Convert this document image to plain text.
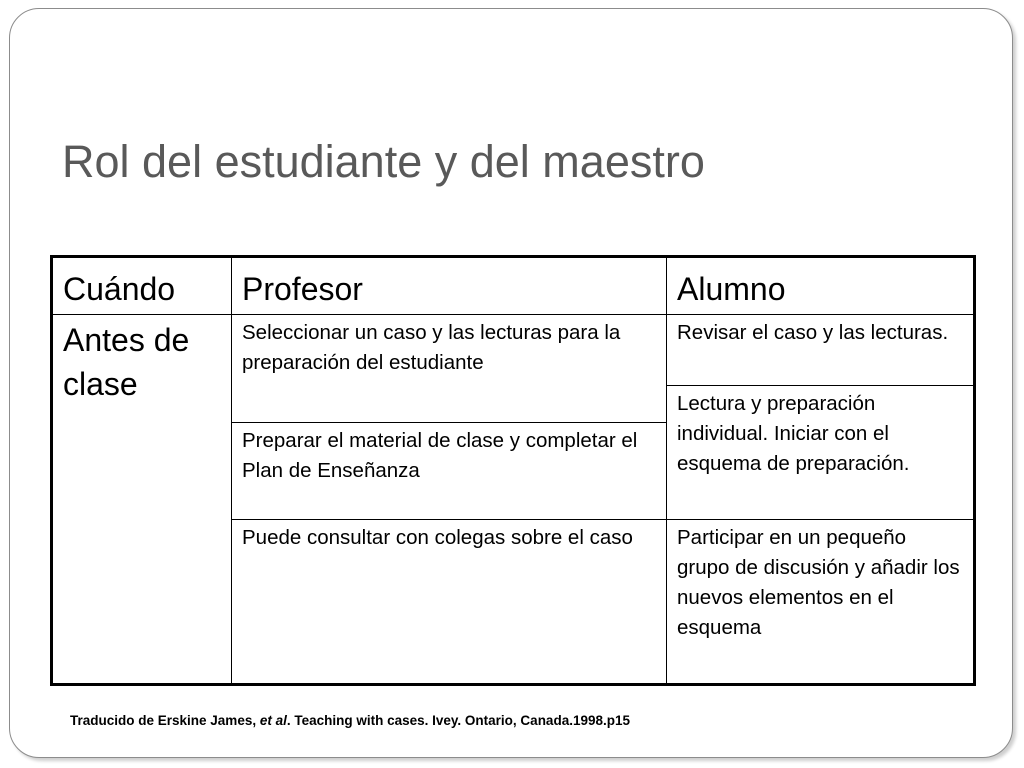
Rol del estudiante y del maestro
Cuándo	Profesor	Alumno
Antes de clase	Seleccionar un caso y las lecturas para la preparación del estudiante	Revisar el caso y las lecturas.
		Lectura y preparación individual. Iniciar con el esquema de preparación.
	Preparar el material de clase y completar el Plan de Enseñanza	
	Puede consultar con colegas sobre el caso	Participar en un pequeño grupo de discusión y añadir los nuevos elementos en el esquema

Traducido de Erskine James, et al. Teaching with cases. Ivey. Ontario, Canada.1998.p15
